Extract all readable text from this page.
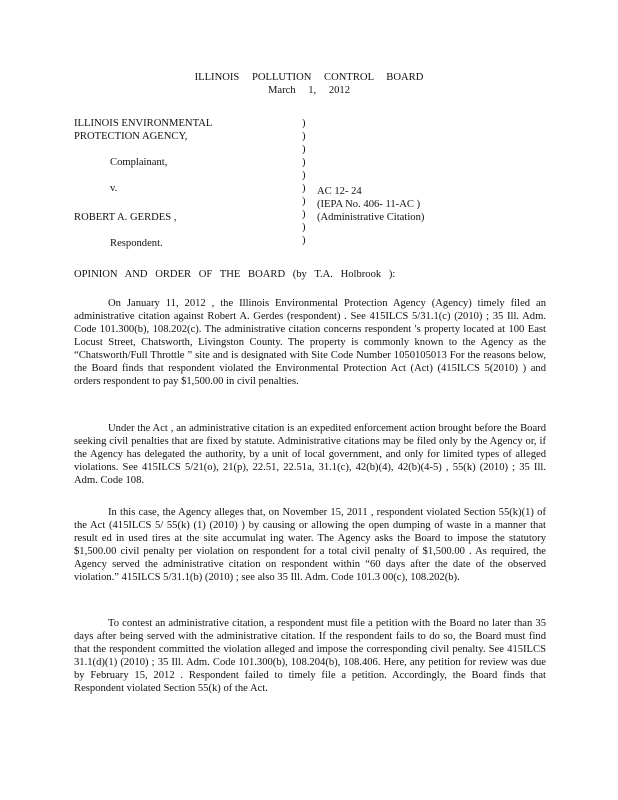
ILLINOIS POLLUTION CONTROL BOARD
March 1, 2012
ILLINOIS ENVIRONMENTAL
PROTECTION AGENCY,
Complainant,
v.
ROBERT A. GERDES ,
Respondent.
)
)
)
)
)
)
)
)
)
)
AC 12- 24
(IEPA No. 406- 11-AC )
(Administrative Citation)
OPINION AND ORDER OF THE BOARD (by T.A. Holbrook ):

On January 11, 2012 , the Illinois Environmental Protection Agency (Agency) timely filed an administrative citation against Robert A. Gerdes (respondent) . See 415ILCS 5/31.1(c) (2010) ; 35 Ill. Adm. Code 101.300(b), 108.202(c). The administrative citation concerns respondent 's property located at 100 East Locust Street, Chatsworth, Livingston County. The property is commonly known to the Agency as the “Chatsworth/Full Throttle ” site and is designated with Site Code Number 1050105013 For the reasons below, the Board finds that respondent violated the Environmental Protection Act (Act) (415ILCS 5(2010) ) and orders respondent to pay $1,500.00 in civil penalties.

Under the Act , an administrative citation is an expedited enforcement action brought before the Board seeking civil penalties that are fixed by statute. Administrative citations may be filed only by the Agency or, if the Agency has delegated the authority, by a unit of local government, and only for limited types of alleged violations. See 415ILCS 5/21(o), 21(p), 22.51, 22.51a, 31.1(c), 42(b)(4), 42(b)(4-5) , 55(k) (2010) ; 35 Ill. Adm. Code 108.

In this case, the Agency alleges that, on November 15, 2011 , respondent violated Section 55(k)(1) of the Act (415ILCS 5/ 55(k) (1) (2010) ) by causing or allowing the open dumping of waste in a manner that result ed in used tires at the site accumulat ing water. The Agency asks the Board to impose the statutory $1,500.00 civil penalty per violation on respondent for a total civil penalty of $1,500.00 . As required, the Agency served the administrative citation on respondent within “60 days after the date of the observed violation.” 415ILCS 5/31.1(b) (2010) ; see also 35 Ill. Adm. Code 101.3 00(c), 108.202(b).

To contest an administrative citation, a respondent must file a petition with the Board no later than 35 days after being served with the administrative citation. If the respondent fails to do so, the Board must find that the respondent committed the violation alleged and impose the corresponding civil penalty. See 415ILCS 31.1(d)(1) (2010) ; 35 Ill. Adm. Code 101.300(b), 108.204(b), 108.406. Here, any petition for review was due by February 15, 2012 . Respondent failed to timely file a petition. Accordingly, the Board finds that Respondent violated Section 55(k) of the Act.
